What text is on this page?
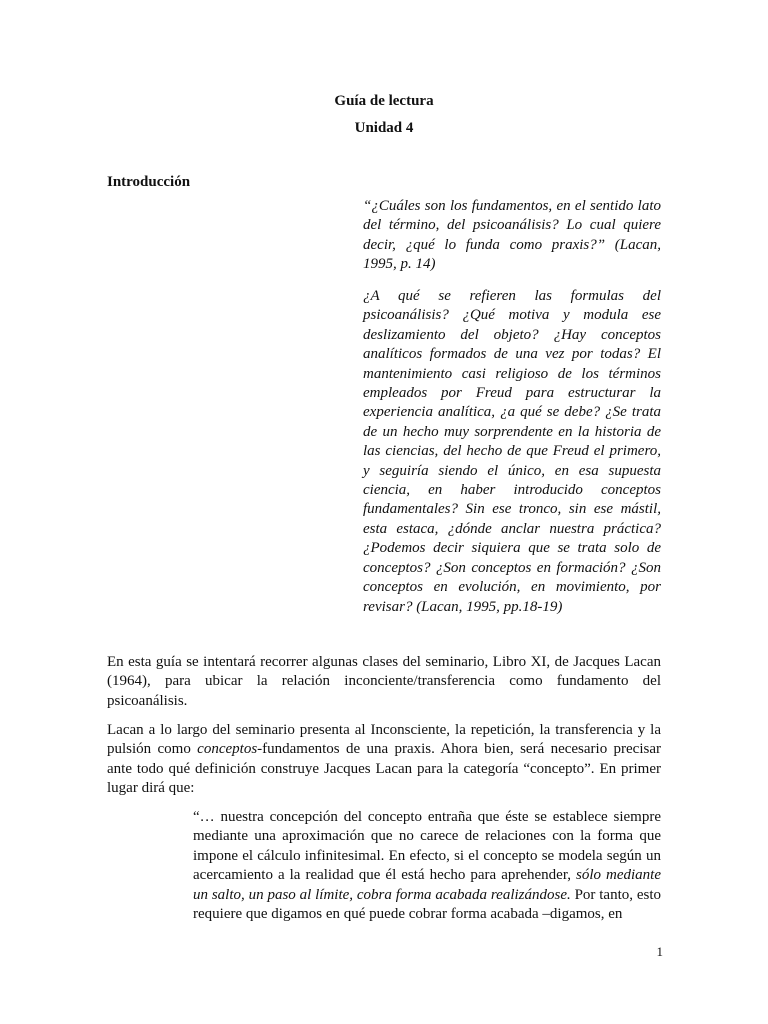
Guía de lectura
Unidad 4
Introducción

“¿Cuáles son los fundamentos, en el sentido lato del término, del psicoanálisis? Lo cual quiere decir, ¿qué lo funda como praxis?” (Lacan, 1995, p. 14)

¿A qué se refieren las formulas del psicoanálisis? ¿Qué motiva y modula ese deslizamiento del objeto? ¿Hay conceptos analíticos formados de una vez por todas? El mantenimiento casi religioso de los términos empleados por Freud para estructurar la experiencia analítica, ¿a qué se debe? ¿Se trata de un hecho muy sorprendente en la historia de las ciencias, del hecho de que Freud el primero, y seguiría siendo el único, en esa supuesta ciencia, en haber introducido conceptos fundamentales? Sin ese tronco, sin ese mástil, esta estaca, ¿dónde anclar nuestra práctica? ¿Podemos decir siquiera que se trata solo de conceptos? ¿Son conceptos en formación? ¿Son conceptos en evolución, en movimiento, por revisar? (Lacan, 1995, pp.18-19)

En esta guía se intentará recorrer algunas clases del seminario, Libro XI, de Jacques Lacan (1964), para ubicar la relación inconciente/transferencia como fundamento del psicoanálisis.

Lacan a lo largo del seminario presenta al Inconsciente, la repetición, la transferencia y la pulsión como conceptos-fundamentos de una praxis. Ahora bien, será necesario precisar ante todo qué definición construye Jacques Lacan para la categoría “concepto”. En primer lugar dirá que:

“… nuestra concepción del concepto entraña que éste se establece siempre mediante una aproximación que no carece de relaciones con la forma que impone el cálculo infinitesimal. En efecto, si el concepto se modela según un acercamiento a la realidad que él está hecho para aprehender, sólo mediante un salto, un paso al límite, cobra forma acabada realizándose. Por tanto, esto requiere que digamos en qué puede cobrar forma acabada –digamos, en

1
